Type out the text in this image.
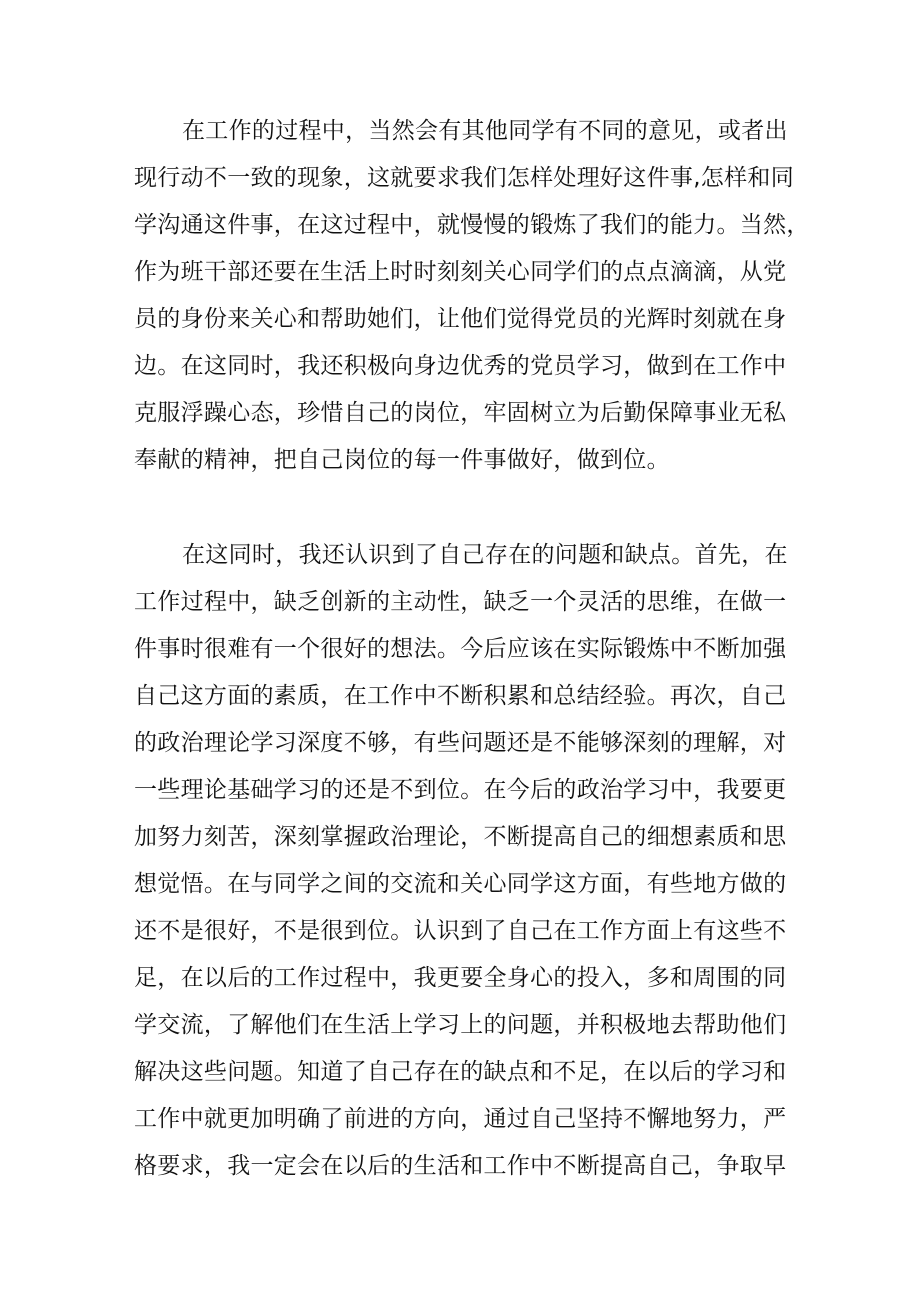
在工作的过程中，当然会有其他同学有不同的意见，或者出
现行动不一致的现象，这就要求我们怎样处理好这件事,怎样和同
学沟通这件事，在这过程中，就慢慢的锻炼了我们的能力。当然，
作为班干部还要在生活上时时刻刻关心同学们的点点滴滴，从党
员的身份来关心和帮助她们，让他们觉得党员的光辉时刻就在身
边。在这同时，我还积极向身边优秀的党员学习，做到在工作中
克服浮躁心态，珍惜自己的岗位，牢固树立为后勤保障事业无私
奉献的精神，把自己岗位的每一件事做好，做到位。
在这同时，我还认识到了自己存在的问题和缺点。首先，在
工作过程中，缺乏创新的主动性，缺乏一个灵活的思维，在做一
件事时很难有一个很好的想法。今后应该在实际锻炼中不断加强
自己这方面的素质，在工作中不断积累和总结经验。再次，自己
的政治理论学习深度不够，有些问题还是不能够深刻的理解，对
一些理论基础学习的还是不到位。在今后的政治学习中，我要更
加努力刻苦，深刻掌握政治理论，不断提高自己的细想素质和思
想觉悟。在与同学之间的交流和关心同学这方面，有些地方做的
还不是很好，不是很到位。认识到了自己在工作方面上有这些不
足，在以后的工作过程中，我更要全身心的投入，多和周围的同
学交流，了解他们在生活上学习上的问题，并积极地去帮助他们
解决这些问题。知道了自己存在的缺点和不足，在以后的学习和
工作中就更加明确了前进的方向，通过自己坚持不懈地努力，严
格要求，我一定会在以后的生活和工作中不断提高自己，争取早
